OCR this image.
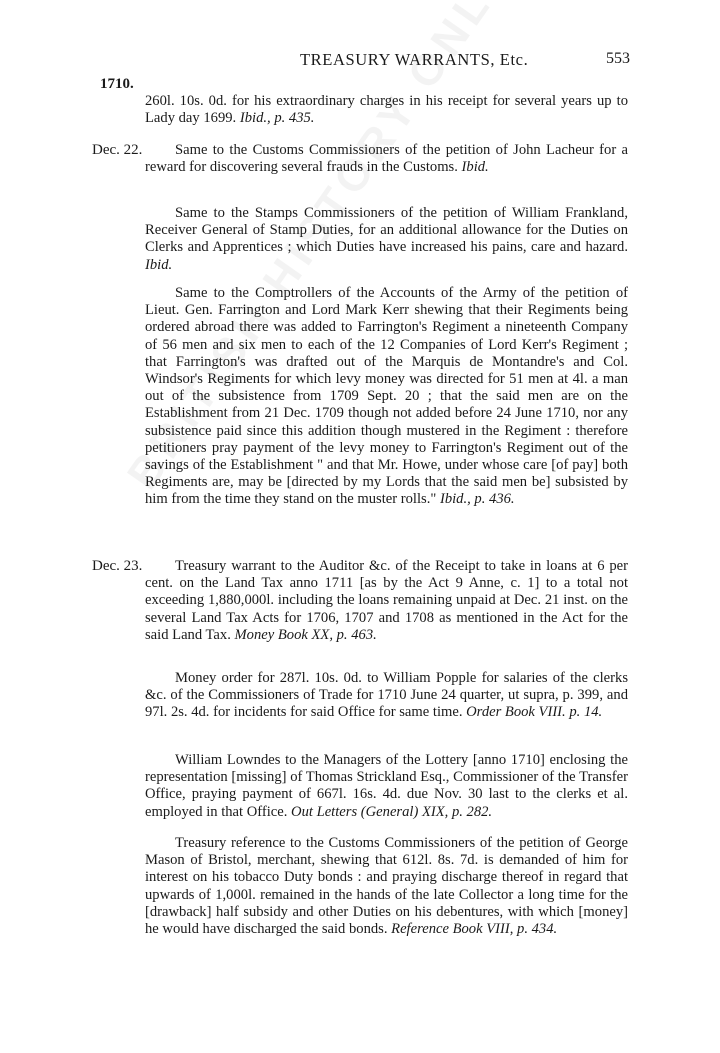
TREASURY WARRANTS, Etc.	553
1710.
Dec. 22.
Dec. 23.

260l. 10s. 0d. for his extraordinary charges in his receipt for several years up to Lady day 1699. Ibid., p. 435.

Same to the Customs Commissioners of the petition of John Lacheur for a reward for discovering several frauds in the Customs. Ibid.

Same to the Stamps Commissioners of the petition of William Frankland, Receiver General of Stamp Duties, for an additional allowance for the Duties on Clerks and Apprentices ; which Duties have increased his pains, care and hazard. Ibid.

Same to the Comptrollers of the Accounts of the Army of the petition of Lieut. Gen. Farrington and Lord Mark Kerr shewing that their Regiments being ordered abroad there was added to Farrington's Regiment a nineteenth Company of 56 men and six men to each of the 12 Companies of Lord Kerr's Regiment ; that Farrington's was drafted out of the Marquis de Montandre's and Col. Windsor's Regiments for which levy money was directed for 51 men at 4l. a man out of the subsistence from 1709 Sept. 20 ; that the said men are on the Establishment from 21 Dec. 1709 though not added before 24 June 1710, nor any subsistence paid since this addition though mustered in the Regiment : therefore petitioners pray payment of the levy money to Farrington's Regiment out of the savings of the Establishment " and that Mr. Howe, under whose care [of pay] both Regiments are, may be [directed by my Lords that the said men be] subsisted by him from the time they stand on the muster rolls." Ibid., p. 436.

Treasury warrant to the Auditor &c. of the Receipt to take in loans at 6 per cent. on the Land Tax anno 1711 [as by the Act 9 Anne, c. 1] to a total not exceeding 1,880,000l. including the loans remaining unpaid at Dec. 21 inst. on the several Land Tax Acts for 1706, 1707 and 1708 as mentioned in the Act for the said Land Tax. Money Book XX, p. 463.

Money order for 287l. 10s. 0d. to William Popple for salaries of the clerks &c. of the Commissioners of Trade for 1710 June 24 quarter, ut supra, p. 399, and 97l. 2s. 4d. for incidents for said Office for same time. Order Book VIII. p. 14.

William Lowndes to the Managers of the Lottery [anno 1710] enclosing the representation [missing] of Thomas Strickland Esq., Commissioner of the Transfer Office, praying payment of 667l. 16s. 4d. due Nov. 30 last to the clerks et al. employed in that Office. Out Letters (General) XIX, p. 282.

Treasury reference to the Customs Commissioners of the petition of George Mason of Bristol, merchant, shewing that 612l. 8s. 7d. is demanded of him for interest on his tobacco Duty bonds : and praying discharge thereof in regard that upwards of 1,000l. remained in the hands of the late Collector a long time for the [drawback] half subsidy and other Duties on his debentures, with which [money] he would have discharged the said bonds. Reference Book VIII, p. 434.
